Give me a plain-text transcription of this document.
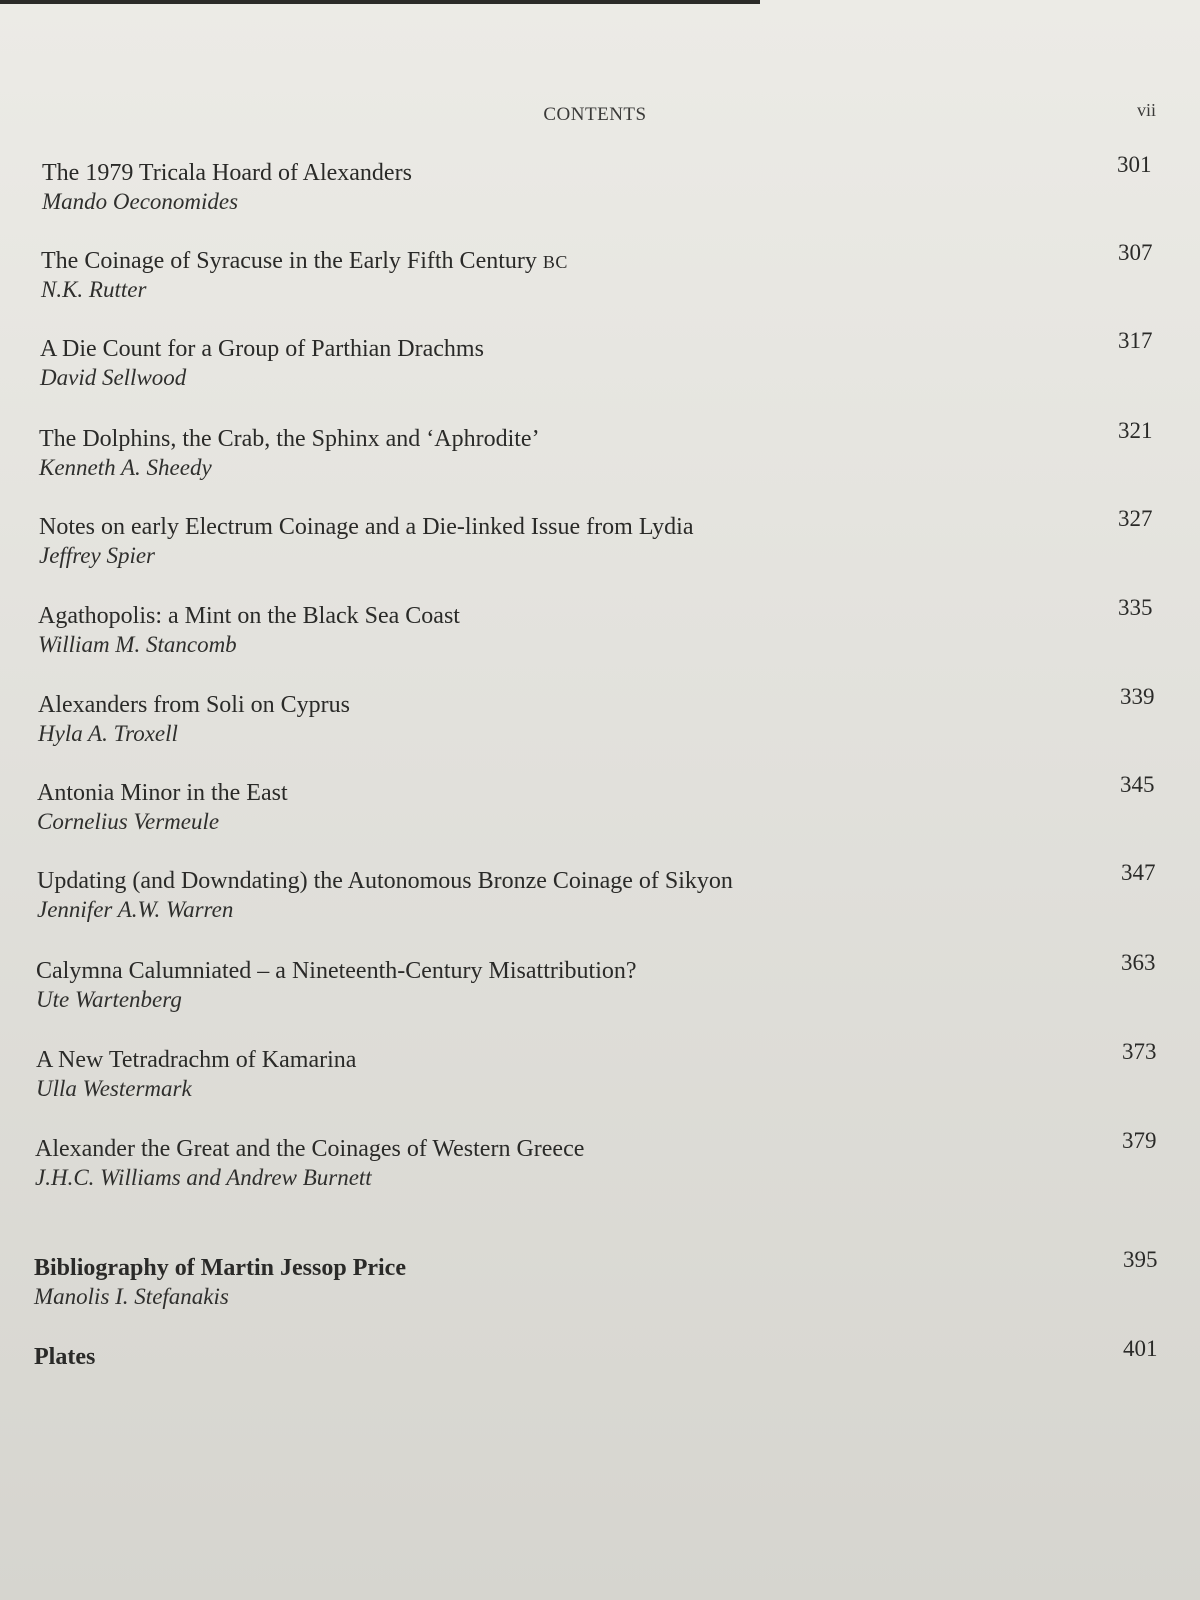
CONTENTS	vii
The 1979 Tricala Hoard of Alexanders
Mando Oeconomides
301
The Coinage of Syracuse in the Early Fifth Century BC
N.K. Rutter
307
A Die Count for a Group of Parthian Drachms
David Sellwood
317
The Dolphins, the Crab, the Sphinx and ‘Aphrodite’
Kenneth A. Sheedy
321
Notes on early Electrum Coinage and a Die-linked Issue from Lydia
Jeffrey Spier
327
Agathopolis: a Mint on the Black Sea Coast
William M. Stancomb
335
Alexanders from Soli on Cyprus
Hyla A. Troxell
339
Antonia Minor in the East
Cornelius Vermeule
345
Updating (and Downdating) the Autonomous Bronze Coinage of Sikyon
Jennifer A.W. Warren
347
Calymna Calumniated – a Nineteenth-Century Misattribution?
Ute Wartenberg
363
A New Tetradrachm of Kamarina
Ulla Westermark
373
Alexander the Great and the Coinages of Western Greece
J.H.C. Williams and Andrew Burnett
379
Bibliography of Martin Jessop Price
Manolis I. Stefanakis
395
Plates	401
